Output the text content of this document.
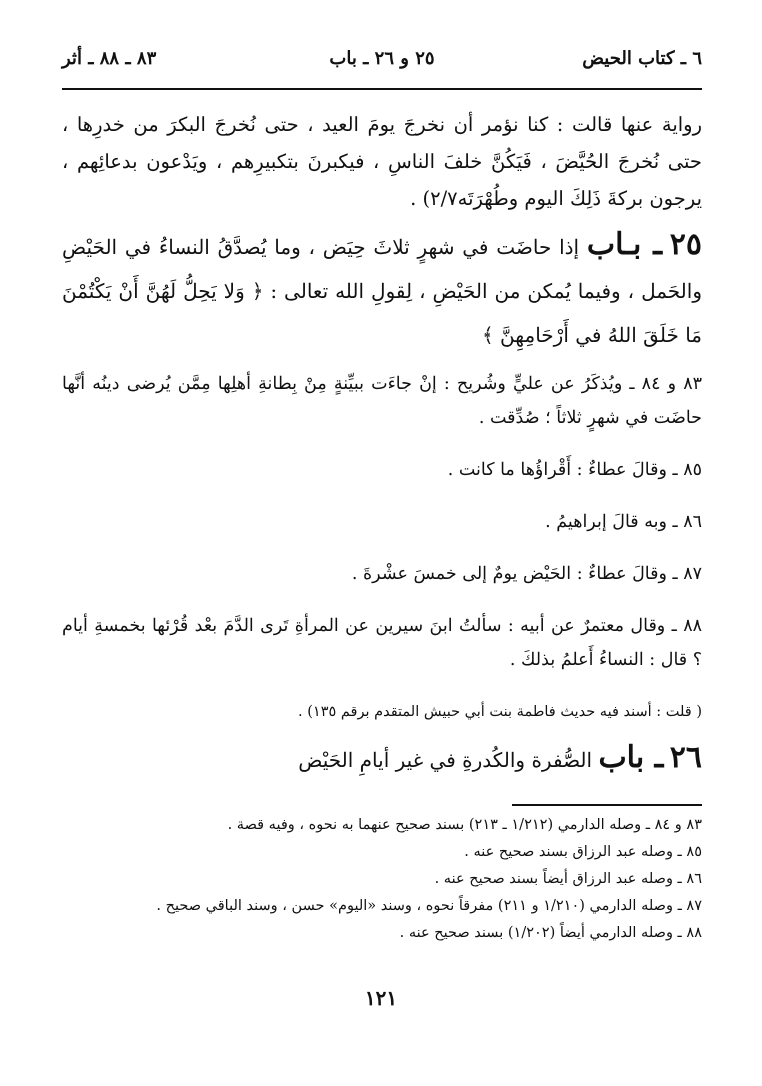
٦ ـ كتاب الحيض
٢٥ و ٢٦ ـ باب
٨٣ ـ ٨٨ ـ أثر
رواية عنها قالت : كنا نؤمر أن نخرجَ يومَ العيد ، حتى نُخرجَ البكرَ من خدرِها ، حتى نُخرجَ الحُيَّضَ ، فَيَكُنَّ خلفَ الناسِ ، فيكبرنَ بتكبيرِهم ، ويَدْعون بدعائِهم ، يرجون بركةَ ذَلِكَ اليوم وطُهْرَتَه٢/٧) .
٢٥ ـ بـاب إذا حاضَت في شهرٍ ثلاثَ حِيَض ، وما يُصدَّقُ النساءُ في الحَيْضِ والحَمل ، وفيما يُمكن من الحَيْضِ ، لِقولِ الله تعالى : ﴿ وَلا يَحِلُّ لَهُنَّ أَنْ يَكْتُمْنَ مَا خَلَقَ اللهُ في أَرْحَامِهِنَّ ﴾
٨٣ و ٨٤ ـ ويُذكَرُ عن عليٍّ وشُريح : إنْ جاءَت ببيِّنةٍ مِنْ بِطانةِ أهلِها مِمَّن يُرضى دينُه أنَّها حاضَت في شهرٍ ثلاثاً ؛ صُدِّقت .
٨٥ ـ وقالَ عطاءٌ : أَقْراؤُها ما كانت .
٨٦ ـ وبه قالَ إبراهيمُ .
٨٧ ـ وقالَ عطاءٌ : الحَيْض يومٌ إلى خمسَ عشْرةَ .
٨٨ ـ وقال معتمرٌ عن أبيه : سألتُ ابنَ سيرين عن المرأةِ تَرى الدَّمَ بعْد قُرْئها بخمسةِ أيام ؟ قال : النساءُ أَعلمُ بذلكَ .
( قلت : أسند فيه حديث فاطمة بنت أبي حبيش المتقدم برقم ١٣٥) .
٢٦ ـ باب الصُّفرة والكُدرةِ في غير أيامِ الحَيْض
٨٣ و ٨٤ ـ وصله الدارمي (١/٢١٢ ـ ٢١٣) بسند صحيح عنهما به نحوه ، وفيه قصة .
٨٥ ـ وصله عبد الرزاق بسند صحيح عنه .
٨٦ ـ وصله عبد الرزاق أيضاً بسند صحيح عنه .
٨٧ ـ وصله الدارمي (١/٢١٠ و ٢١١) مفرقاً نحوه ، وسند «اليوم» حسن ، وسند الباقي صحيح .
٨٨ ـ وصله الدارمي أيضاً (١/٢٠٢) بسند صحيح عنه .
١٢١
